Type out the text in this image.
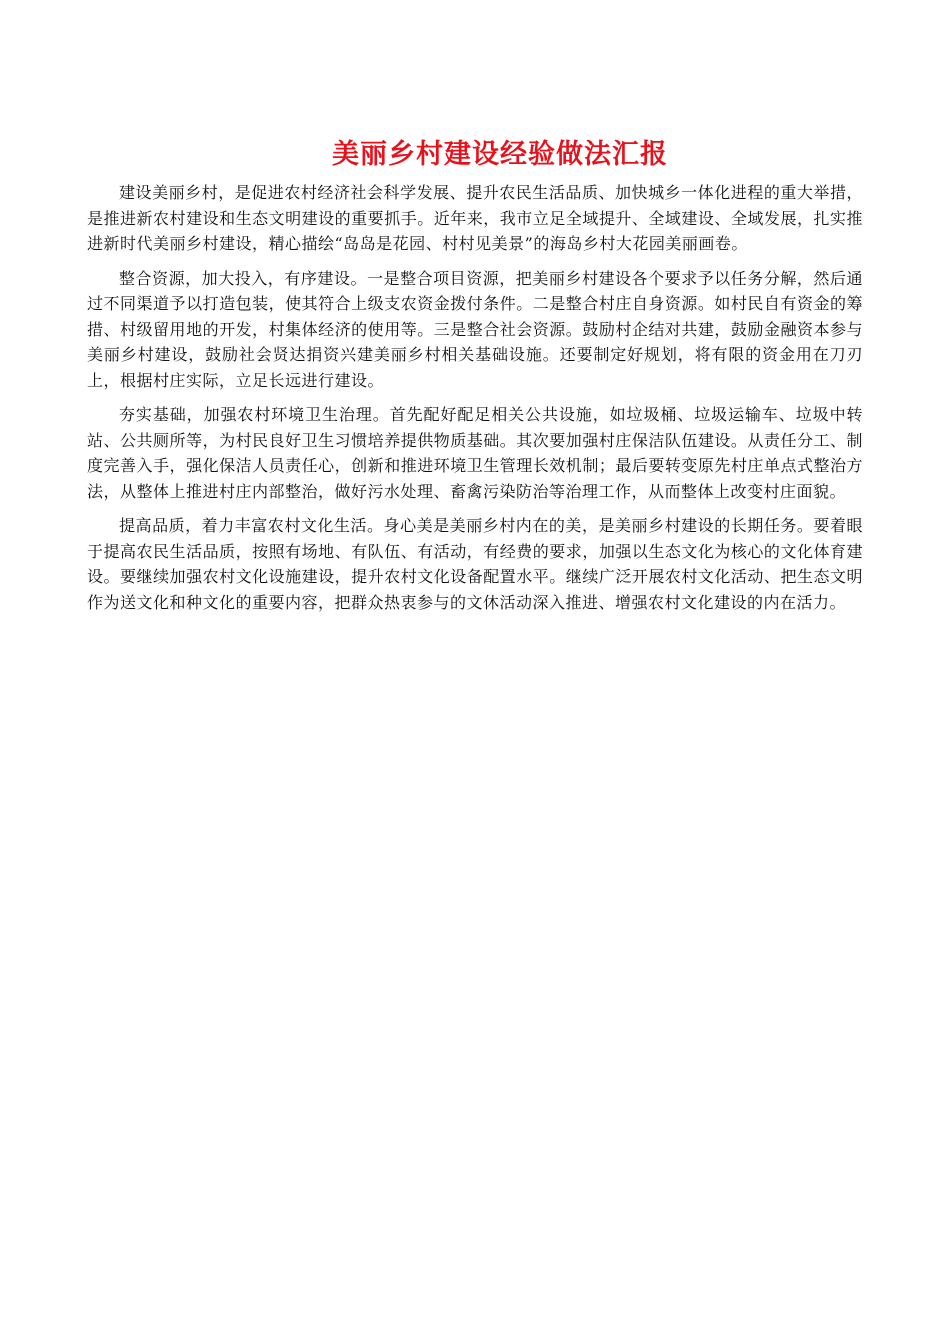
美丽乡村建设经验做法汇报

建设美丽乡村，是促进农村经济社会科学发展、提升农民生活品质、加快城乡一体化进程的重大举措，是推进新农村建设和生态文明建设的重要抓手。近年来，我市立足全域提升、全域建设、全域发展，扎实推进新时代美丽乡村建设，精心描绘“岛岛是花园、村村见美景”的海岛乡村大花园美丽画卷。

整合资源，加大投入，有序建设。一是整合项目资源，把美丽乡村建设各个要求予以任务分解，然后通过不同渠道予以打造包装，使其符合上级支农资金拨付条件。二是整合村庄自身资源。如村民自有资金的筹措、村级留用地的开发，村集体经济的使用等。三是整合社会资源。鼓励村企结对共建，鼓励金融资本参与美丽乡村建设，鼓励社会贤达捐资兴建美丽乡村相关基础设施。还要制定好规划，将有限的资金用在刀刃上，根据村庄实际，立足长远进行建设。

夯实基础，加强农村环境卫生治理。首先配好配足相关公共设施，如垃圾桶、垃圾运输车、垃圾中转站、公共厕所等，为村民良好卫生习惯培养提供物质基础。其次要加强村庄保洁队伍建设。从责任分工、制度完善入手，强化保洁人员责任心，创新和推进环境卫生管理长效机制；最后要转变原先村庄单点式整治方法，从整体上推进村庄内部整治，做好污水处理、畜禽污染防治等治理工作，从而整体上改变村庄面貌。

提高品质，着力丰富农村文化生活。身心美是美丽乡村内在的美，是美丽乡村建设的长期任务。要着眼于提高农民生活品质，按照有场地、有队伍、有活动，有经费的要求，加强以生态文化为核心的文化体育建设。要继续加强农村文化设施建设，提升农村文化设备配置水平。继续广泛开展农村文化活动、把生态文明作为送文化和种文化的重要内容，把群众热衷参与的文休活动深入推进、增强农村文化建设的内在活力。
